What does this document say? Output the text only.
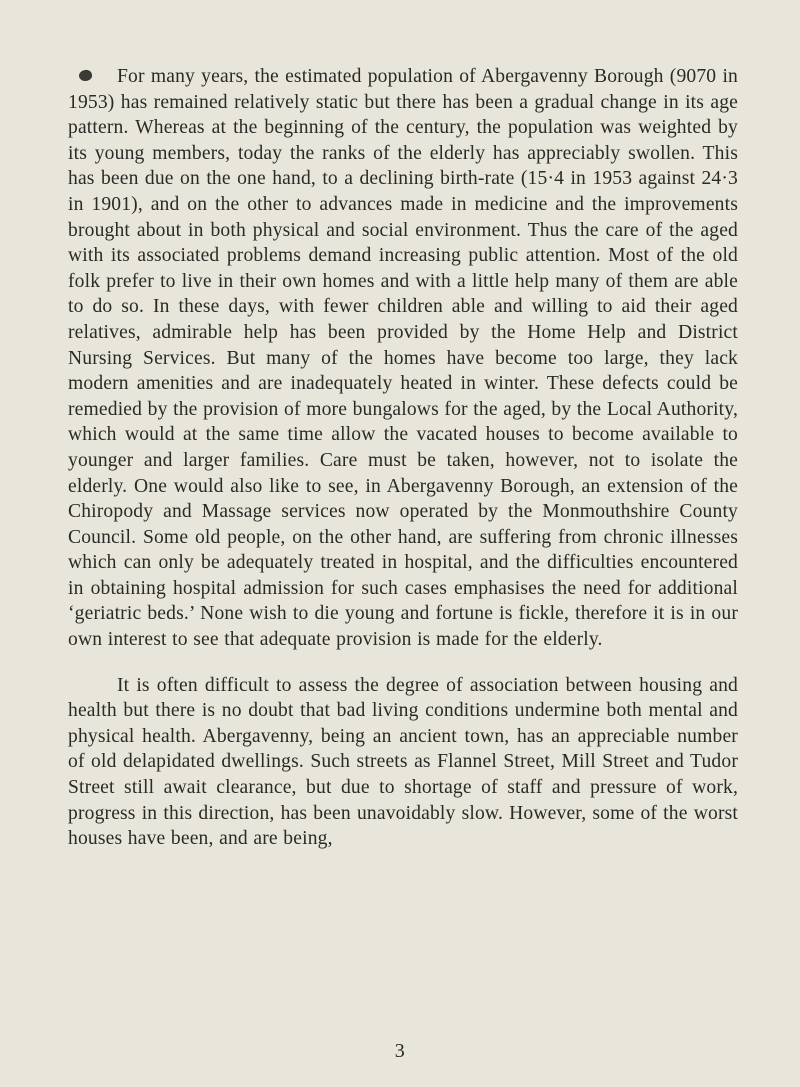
For many years, the estimated population of Abergavenny Borough (9070 in 1953) has remained relatively static but there has been a gradual change in its age pattern. Whereas at the beginning of the century, the population was weighted by its young members, today the ranks of the elderly has appreciably swollen. This has been due on the one hand, to a declining birth-rate (15·4 in 1953 against 24·3 in 1901), and on the other to advances made in medicine and the improvements brought about in both physical and social environment. Thus the care of the aged with its associated problems demand increasing public attention. Most of the old folk prefer to live in their own homes and with a little help many of them are able to do so. In these days, with fewer children able and willing to aid their aged relatives, admirable help has been provided by the Home Help and District Nursing Services. But many of the homes have become too large, they lack modern amenities and are inadequately heated in winter. These defects could be remedied by the provision of more bungalows for the aged, by the Local Authority, which would at the same time allow the vacated houses to become available to younger and larger families. Care must be taken, however, not to isolate the elderly. One would also like to see, in Abergavenny Borough, an extension of the Chiropody and Massage services now operated by the Monmouthshire County Council. Some old people, on the other hand, are suffering from chronic illnesses which can only be adequately treated in hospital, and the difficulties encountered in obtaining hospital admission for such cases emphasises the need for additional ‘geriatric beds.’ None wish to die young and fortune is fickle, therefore it is in our own interest to see that adequate provision is made for the elderly.

It is often difficult to assess the degree of association between housing and health but there is no doubt that bad living conditions undermine both mental and physical health. Abergavenny, being an ancient town, has an appreciable number of old delapidated dwellings. Such streets as Flannel Street, Mill Street and Tudor Street still await clearance, but due to shortage of staff and pressure of work, progress in this direction, has been unavoidably slow. However, some of the worst houses have been, and are being,

3
